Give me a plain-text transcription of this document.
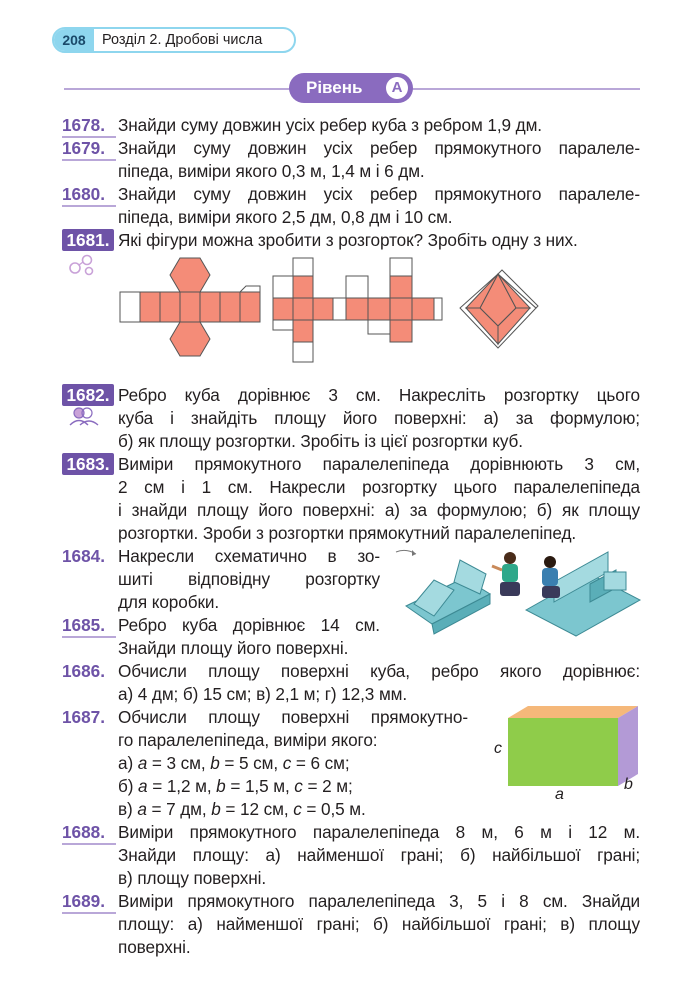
208	Розділ 2. Дробові числа
Рівень	А
1678. Знайди суму довжин усіх ребер куба з ребром 1,9 дм.
1679. Знайди суму довжин усіх ребер прямокутного паралеле-
піпеда, виміри якого 0,3 м, 1,4 м і 6 дм.
1680. Знайди суму довжин усіх ребер прямокутного паралеле-
піпеда, виміри якого 2,5 дм, 0,8 дм і 10 см.
1681. Які фігури можна зробити з розгорток? Зробіть одну з них.
1682. Ребро куба дорівнює 3 см. Накресліть розгортку цього
куба і знайдіть площу його поверхні: а) за формулою;
б) як площу розгортки. Зробіть із цієї розгортки куб.
1683. Виміри прямокутного паралелепіпеда дорівнюють 3 см,
2 см і 1 см. Накресли розгортку цього паралелепіпеда
і знайди площу його поверхні: а) за формулою; б) як площу
розгортки. Зроби з розгортки прямокутний паралелепіпед.
1684. Накресли схематично в зо-
шиті відповідну розгортку
для коробки.
1685. Ребро куба дорівнює 14 см.
Знайди площу його поверхні.
1686. Обчисли площу поверхні куба, ребро якого дорівнює:
а) 4 дм; б) 15 см; в) 2,1 м; г) 12,3 мм.
1687. Обчисли площу поверхні прямокутно-
го паралелепіпеда, виміри якого:
а) a = 3 см, b = 5 см, c = 6 см;
б) a = 1,2 м, b = 1,5 м, c = 2 м;
в) a = 7 дм, b = 12 см, c = 0,5 м.
c
a
b
1688. Виміри прямокутного паралелепіпеда 8 м, 6 м і 12 м.
Знайди площу: а) найменшої грані; б) найбільшої грані;
в) площу поверхні.
1689. Виміри прямокутного паралелепіпеда 3, 5 і 8 см. Знайди
площу: а) найменшої грані; б) найбільшої грані; в) площу
поверхні.
